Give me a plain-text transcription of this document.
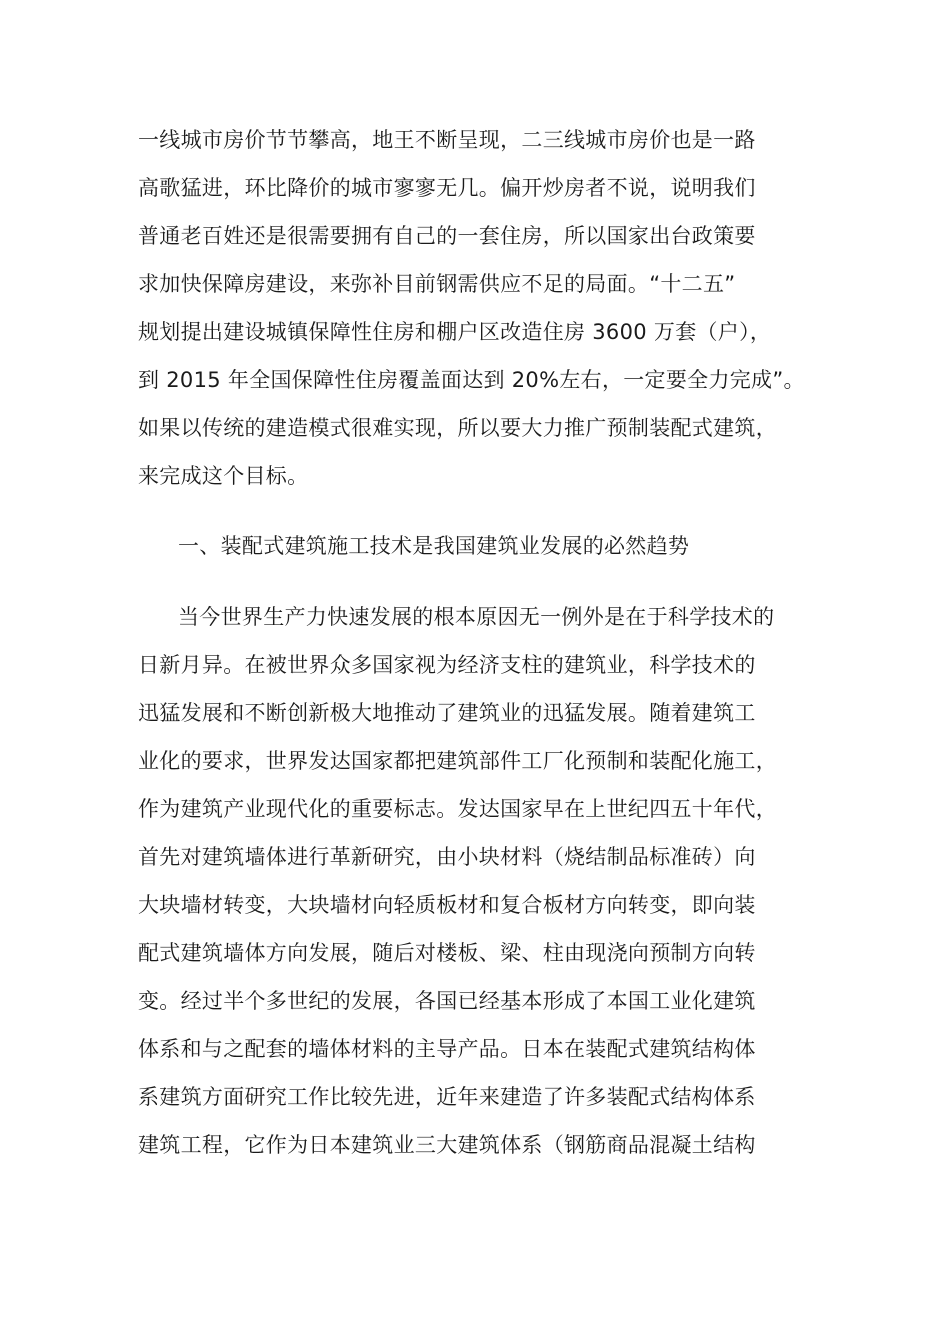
一线城市房价节节攀高，地王不断呈现，二三线城市房价也是一路
高歌猛进，环比降价的城市寥寥无几。偏开炒房者不说，说明我们
普通老百姓还是很需要拥有自己的一套住房，所以国家出台政策要
求加快保障房建设，来弥补目前钢需供应不足的局面。“十二五”
规划提出建设城镇保障性住房和棚户区改造住房 3600 万套（户），
到 2015 年全国保障性住房覆盖面达到 20%左右，一定要全力完成”。
如果以传统的建造模式很难实现，所以要大力推广预制装配式建筑，
来完成这个目标。
一、装配式建筑施工技术是我国建筑业发展的必然趋势
当今世界生产力快速发展的根本原因无一例外是在于科学技术的
日新月异。在被世界众多国家视为经济支柱的建筑业，科学技术的
迅猛发展和不断创新极大地推动了建筑业的迅猛发展。随着建筑工
业化的要求，世界发达国家都把建筑部件工厂化预制和装配化施工，
作为建筑产业现代化的重要标志。发达国家早在上世纪四五十年代，
首先对建筑墙体进行革新研究，由小块材料（烧结制品标准砖）向
大块墙材转变，大块墙材向轻质板材和复合板材方向转变，即向装
配式建筑墙体方向发展，随后对楼板、梁、柱由现浇向预制方向转
变。经过半个多世纪的发展，各国已经基本形成了本国工业化建筑
体系和与之配套的墙体材料的主导产品。日本在装配式建筑结构体
系建筑方面研究工作比较先进，近年来建造了许多装配式结构体系
建筑工程，它作为日本建筑业三大建筑体系（钢筋商品混凝土结构
